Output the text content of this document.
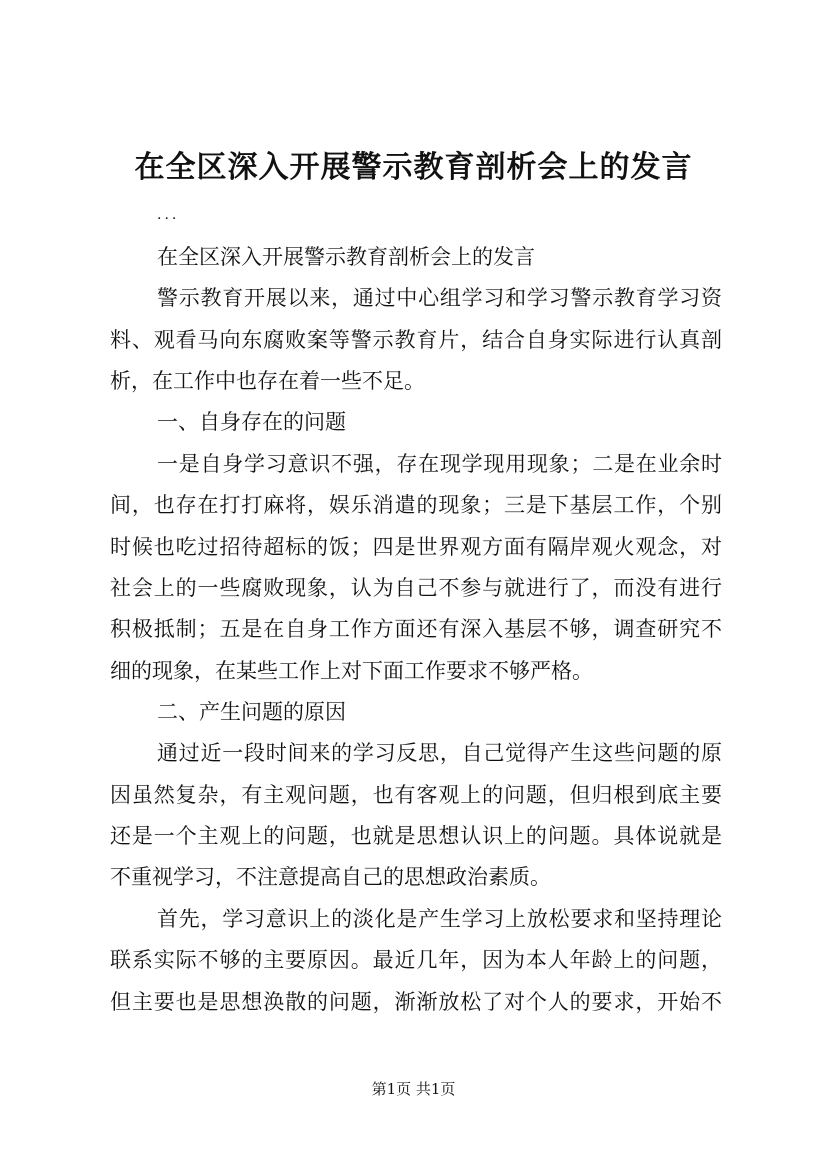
在全区深入开展警示教育剖析会上的发言
...
在全区深入开展警示教育剖析会上的发言
警示教育开展以来，通过中心组学习和学习警示教育学习资
料、观看马向东腐败案等警示教育片，结合自身实际进行认真剖
析，在工作中也存在着一些不足。
一、自身存在的问题
一是自身学习意识不强，存在现学现用现象；二是在业余时
间，也存在打打麻将，娱乐消遣的现象；三是下基层工作，个别
时候也吃过招待超标的饭；四是世界观方面有隔岸观火观念，对
社会上的一些腐败现象，认为自己不参与就进行了，而没有进行
积极抵制；五是在自身工作方面还有深入基层不够，调查研究不
细的现象，在某些工作上对下面工作要求不够严格。
二、产生问题的原因
通过近一段时间来的学习反思，自己觉得产生这些问题的原
因虽然复杂，有主观问题，也有客观上的问题，但归根到底主要
还是一个主观上的问题，也就是思想认识上的问题。具体说就是
不重视学习，不注意提高自己的思想政治素质。
首先，学习意识上的淡化是产生学习上放松要求和坚持理论
联系实际不够的主要原因。最近几年，因为本人年龄上的问题，
但主要也是思想涣散的问题，渐渐放松了对个人的要求，开始不
第1页 共1页
